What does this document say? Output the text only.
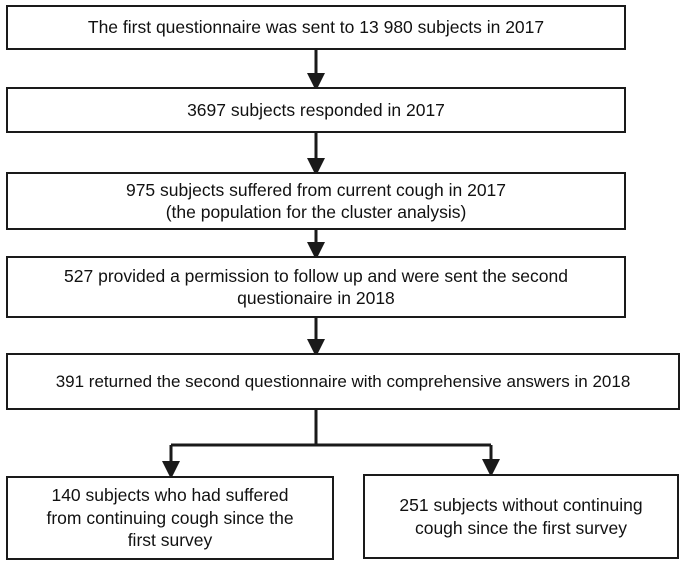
The first questionnaire was sent to 13 980 subjects in 2017
3697 subjects responded in 2017
975 subjects suffered from current cough in 2017
(the population for the cluster analysis)
527 provided a permission to follow up and were sent the second
questionaire in 2018
391 returned the second questionnaire with comprehensive answers in 2018
140 subjects who had suffered
from continuing cough since the
first survey
251 subjects without continuing
cough since the first survey
